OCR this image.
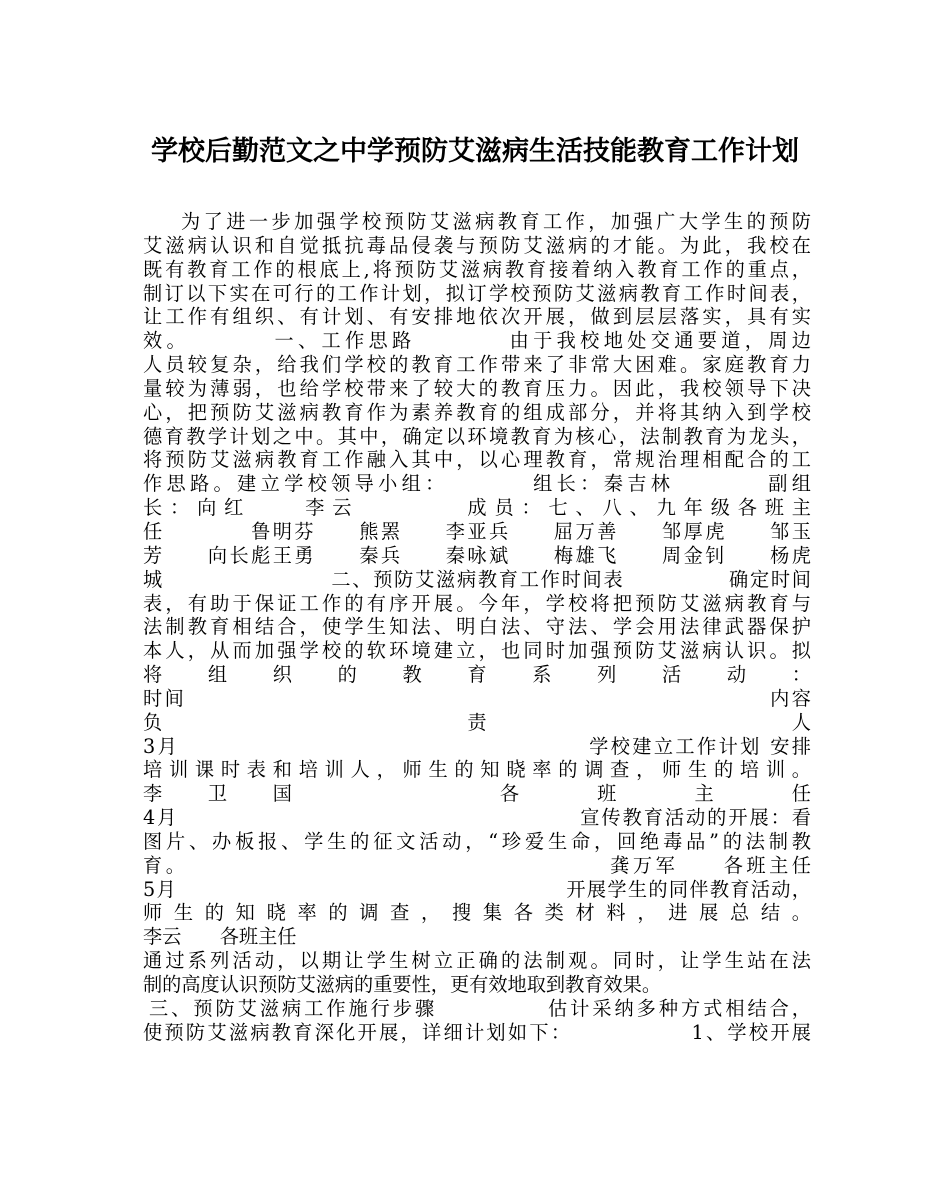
学校后勤范文之中学预防艾滋病生活技能教育工作计划
为了进一步加强学校预防艾滋病教育工作，加强广大学生的预防
艾滋病认识和自觉抵抗毒品侵袭与预防艾滋病的才能。为此，我校在
既有教育工作的根底上,将预防艾滋病教育接着纳入教育工作的重点，
制订以下实在可行的工作计划，拟订学校预防艾滋病教育工作时间表，
让工作有组织、有计划、有安排地依次开展，做到层层落实，具有实
效。　　　　一、工作思路　　　　由于我校地处交通要道，周边
人员较复杂，给我们学校的教育工作带来了非常大困难。家庭教育力
量较为薄弱，也给学校带来了较大的教育压力。因此，我校领导下决
心，把预防艾滋病教育作为素养教育的组成部分，并将其纳入到学校
德育教学计划之中。其中，确定以环境教育为核心，法制教育为龙头，
将预防艾滋病教育工作融入其中，以心理教育，常规治理相配合的工
作思路。建立学校领导小组：　　　　组长：秦吉林　　　　副组
长：向红　　李云　　　　成员：七、八、九年级各班主
任　　　　鲁明芬　　熊罴　　李亚兵　　屈万善　　邹厚虎　　邹玉
芳　　向长彪王勇　　秦兵　　秦咏斌　　梅雄飞　　周金钊　　杨虎
城　　　　　　　　二、预防艾滋病教育工作时间表　　　　　确定时间
表，有助于保证工作的有序开展。今年，学校将把预防艾滋病教育与
法制教育相结合，使学生知法、明白法、守法、学会用法律武器保护
本人，从而加强学校的软环境建立，也同时加强预防艾滋病认识。拟
将组织的教育系列活动：
时间　　　　　　　　　　　　　　　　　　　　　　　　　　　内容
负　　　　　　　　　　　　　　责　　　　　　　　　　　　　　人
3月　　　　　　　　　　　　　　　　　　　学校建立工作计划 安排
培训课时表和培训人，师生的知晓率的调查，师生的培训。
李　卫　国　　　　　　各　　班　　主　　任
4月　　　　　　　　　　　　　　　　　　　宣传教育活动的开展：看
图片、办板报、学生的征文活动，“珍爱生命，回绝毒品”的法制教
育。　　　　　　　　　　　　　　　　　　　龚万军　　各班主任
5月　　　　　　　　　　　　　　　　　　　开展学生的同伴教育活动，
师生的知晓率的调查，搜集各类材料，进展总结。
李云　　各班主任
通过系列活动，以期让学生树立正确的法制观。同时，让学生站在法
制的高度认识预防艾滋病的重要性，更有效地取到教育效果。
三、预防艾滋病工作施行步骤　　　　　估计采纳多种方式相结合，
使预防艾滋病教育深化开展，详细计划如下：　　　　　　1、学校开展
